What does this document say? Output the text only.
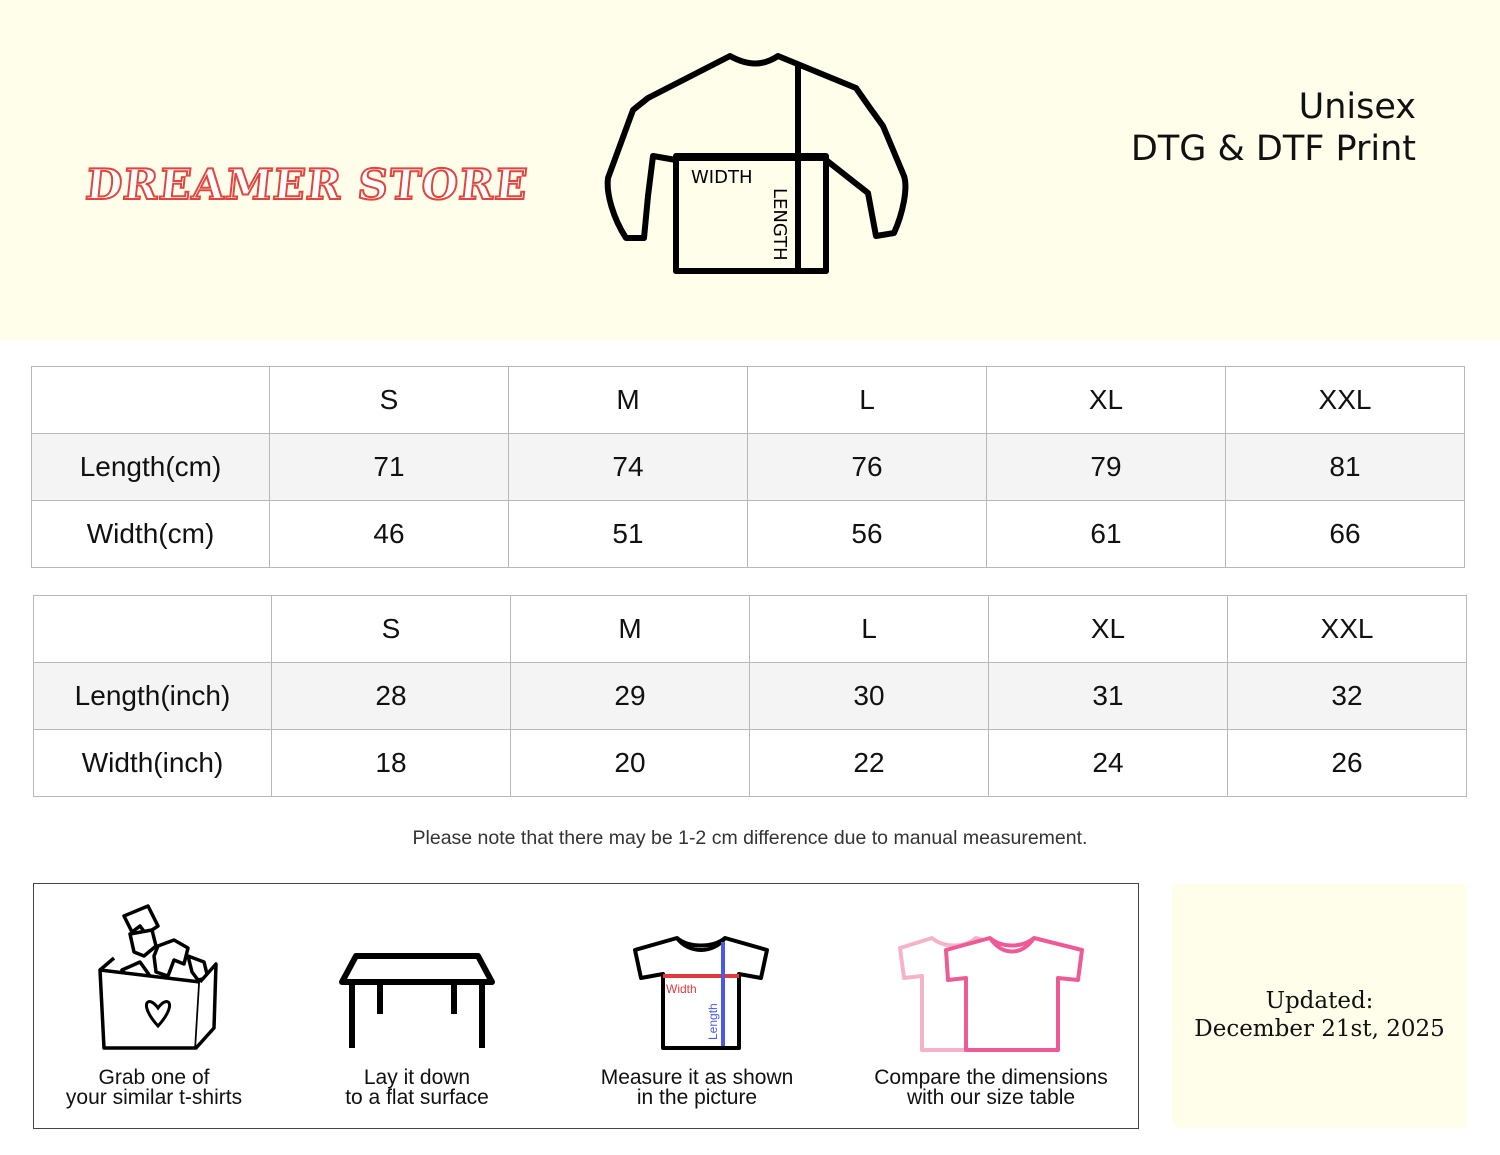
DREAMER STORE	WIDTH
LENGTH
Unisex
DTG & DTF Print
	S	M	L	XL	XXL
Length(cm)	71	74	76	79	81
Width(cm)	46	51	56	61	66
	S	M	L	XL	XXL
Length(inch)	28	29	30	31	32
Width(inch)	18	20	22	24	26
Please note that there may be 1-2 cm difference due to manual measurement.
Grab one of
your similar t-shirts
Lay it down
to a flat surface
Width
Length
Measure it as shown
in the picture
Compare the dimensions
with our size table
Updated:
December 21st, 2025
